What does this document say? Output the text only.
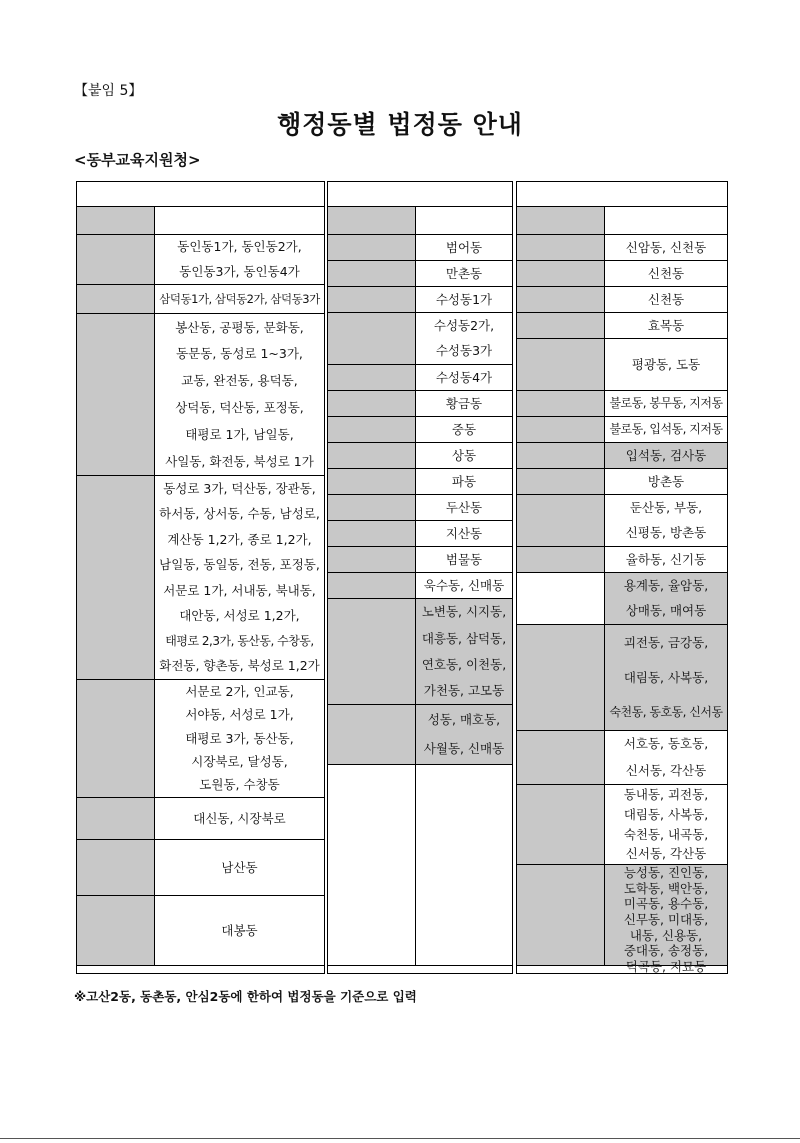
【붙임 5】
행정동별 법정동 안내
<동부교육지원청>
동인동1가, 동인동2가,
동인동3가, 동인동4가
삼덕동1가, 삼덕동2가, 삼덕동3가
봉산동, 공평동, 문화동,
동문동, 동성로 1~3가,
교동, 완전동, 용덕동,
상덕동, 덕산동, 포정동,
태평로 1가, 남일동,
사일동, 화전동, 북성로 1가
동성로 3가, 덕산동, 장관동,
하서동, 상서동, 수동, 남성로,
계산동 1,2가, 종로 1,2가,
남일동, 동일동, 전동, 포정동,
서문로 1가, 서내동, 북내동,
대안동, 서성로 1,2가,
태평로 2,3가, 동산동, 수창동,
화전동, 향촌동, 북성로 1,2가
서문로 2가, 인교동,
서야동, 서성로 1가,
태평로 3가, 동산동,
시장북로, 달성동,
도원동, 수창동
대신동, 시장북로
남산동
대봉동
범어동
만촌동
수성동1가
수성동2가,
수성동3가
수성동4가
황금동
중동
상동
파동
두산동
지산동
범물동
욱수동, 신매동
노변동, 시지동,
대흥동, 삼덕동,
연호동, 이천동,
가천동, 고모동
성동, 매호동,
사월동, 신매동
신암동, 신천동
신천동
신천동
효목동
평광동, 도동
불로동, 봉무동, 지저동
불로동, 입석동, 지저동
입석동, 검사동
방촌동
둔산동, 부동,
신평동, 방촌동
율하동, 신기동
용계동, 율암동,
상매동, 매여동
괴전동, 금강동,
대림동, 사복동,
숙천동, 동호동, 신서동
서호동, 동호동,
신서동, 각산동
동내동, 괴전동,
대림동, 사복동,
숙천동, 내곡동,
신서동, 각산동
능성동, 진인동,
도학동, 백안동,
미곡동, 용수동,
신무동, 미대동,
내동, 신용동,
중대동, 송정동,
덕곡동, 지묘동
※고산2동, 동촌동, 안심2동에 한하여 법정동을 기준으로 입력
